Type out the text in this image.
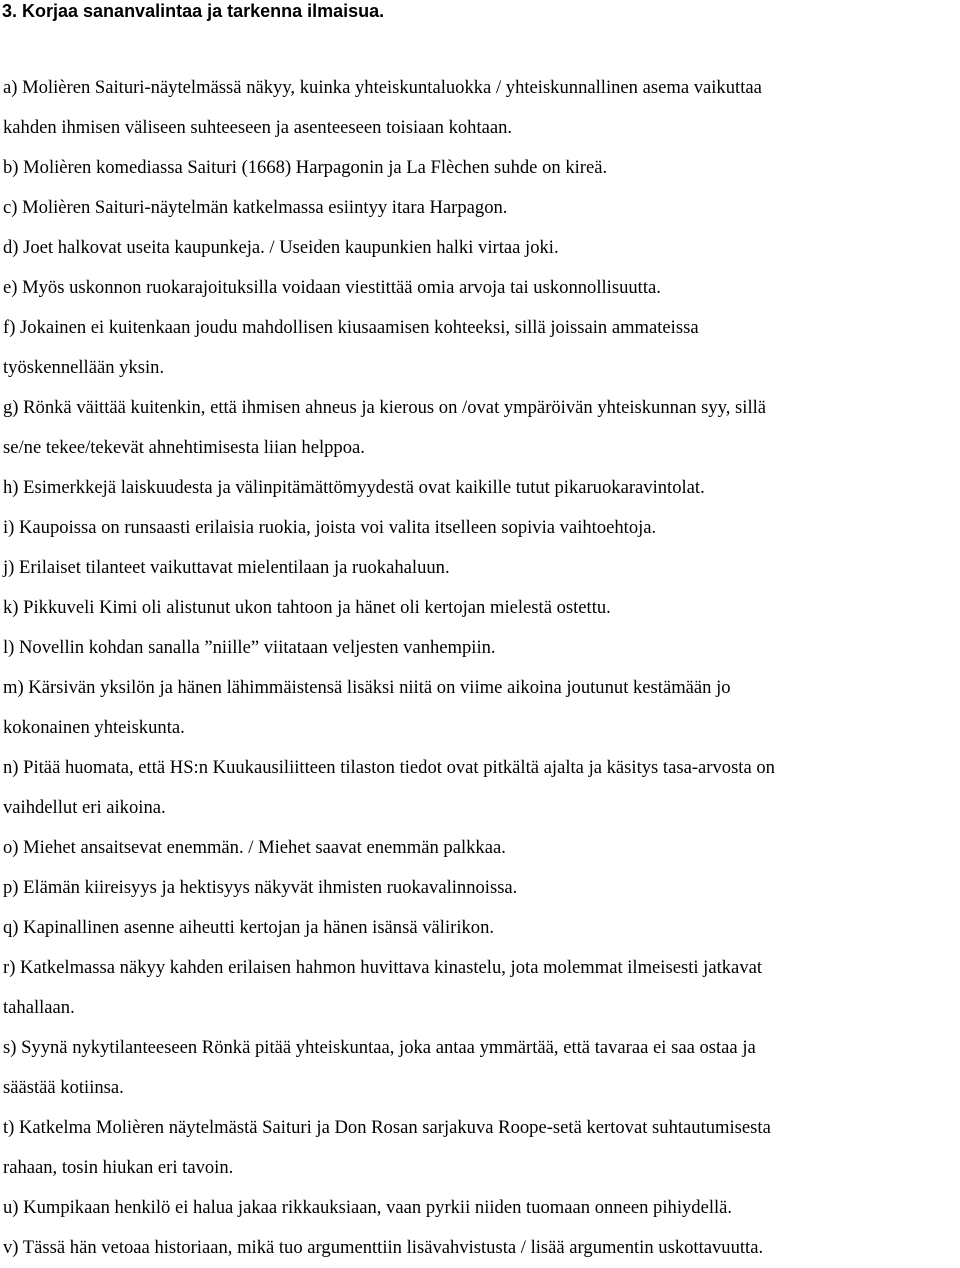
3. Korjaa sananvalintaa ja tarkenna ilmaisua.
a) Molièren Saituri-näytelmässä näkyy, kuinka yhteiskuntaluokka / yhteiskunnallinen asema vaikuttaa
kahden ihmisen väliseen suhteeseen ja asenteeseen toisiaan kohtaan.
b) Molièren komediassa Saituri (1668) Harpagonin ja La Flèchen suhde on kireä.
c) Molièren Saituri-näytelmän katkelmassa esiintyy itara Harpagon.
d) Joet halkovat useita kaupunkeja. / Useiden kaupunkien halki virtaa joki.
e) Myös uskonnon ruokarajoituksilla voidaan viestittää omia arvoja tai uskonnollisuutta.
f) Jokainen ei kuitenkaan joudu mahdollisen kiusaamisen kohteeksi, sillä joissain ammateissa
työskennellään yksin.
g) Rönkä väittää kuitenkin, että ihmisen ahneus ja kierous on /ovat ympäröivän yhteiskunnan syy, sillä
se/ne tekee/tekevät ahnehtimisesta liian helppoa.
h) Esimerkkejä laiskuudesta ja välinpitämättömyydestä ovat kaikille tutut pikaruokaravintolat.
i) Kaupoissa on runsaasti erilaisia ruokia, joista voi valita itselleen sopivia vaihtoehtoja.
j) Erilaiset tilanteet vaikuttavat mielentilaan ja ruokahaluun.
k) Pikkuveli Kimi oli alistunut ukon tahtoon ja hänet oli kertojan mielestä ostettu.
l) Novellin kohdan sanalla ”niille” viitataan veljesten vanhempiin.
m) Kärsivän yksilön ja hänen lähimmäistensä lisäksi niitä on viime aikoina joutunut kestämään jo
kokonainen yhteiskunta.
n) Pitää huomata, että HS:n Kuukausiliitteen tilaston tiedot ovat pitkältä ajalta ja käsitys tasa-arvosta on
vaihdellut eri aikoina.
o) Miehet ansaitsevat enemmän. / Miehet saavat enemmän palkkaa.
p) Elämän kiireisyys ja hektisyys näkyvät ihmisten ruokavalinnoissa.
q) Kapinallinen asenne aiheutti kertojan ja hänen isänsä välirikon.
r) Katkelmassa näkyy kahden erilaisen hahmon huvittava kinastelu, jota molemmat ilmeisesti jatkavat
tahallaan.
s) Syynä nykytilanteeseen Rönkä pitää yhteiskuntaa, joka antaa ymmärtää, että tavaraa ei saa ostaa ja
säästää kotiinsa.
t) Katkelma Molièren näytelmästä Saituri ja Don Rosan sarjakuva Roope-setä kertovat suhtautumisesta
rahaan, tosin hiukan eri tavoin.
u) Kumpikaan henkilö ei halua jakaa rikkauksiaan, vaan pyrkii niiden tuomaan onneen pihiydellä.
v) Tässä hän vetoaa historiaan, mikä tuo argumenttiin lisävahvistusta / lisää argumentin uskottavuutta.
